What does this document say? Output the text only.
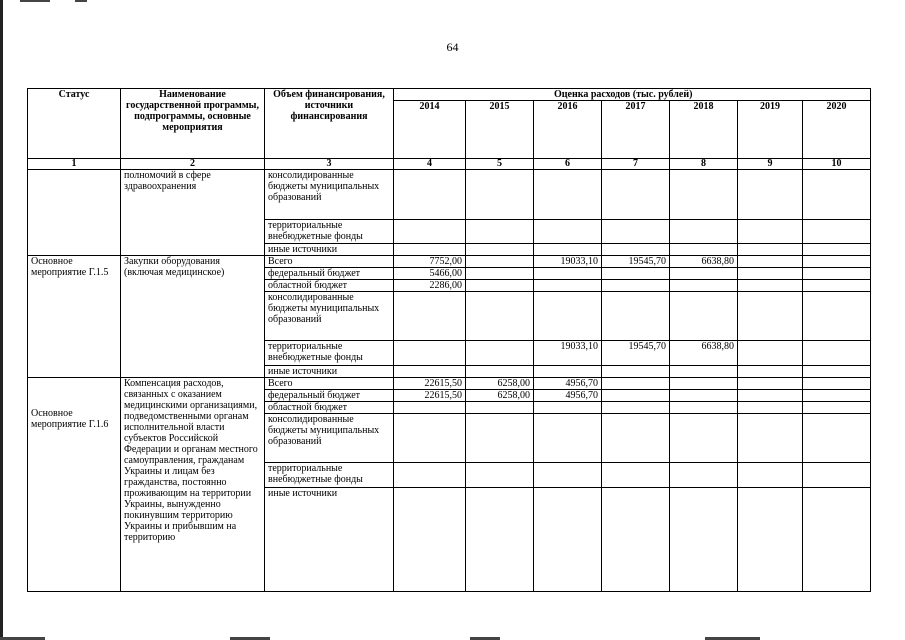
64
Статус	Наименование государственной программы, подпрограммы, основные мероприятия	Объем финансирования, источники финансирования	Оценка расходов (тыс. рублей)						
			2014	2015	2016	2017	2018	2019	2020
1	2	3	4	5	6	7	8	9	10
	полномочий в сфере здравоохранения	консолидированные бюджеты муниципальных образований							
		территориальные внебюджетные фонды							
		иные источники							
Основное мероприятие Г.1.5	Закупки оборудования (включая медицинское)	Всего	7752,00		19033,10	19545,70	6638,80		
		федеральный бюджет	5466,00						
		областной бюджет	2286,00						
		консолидированные бюджеты муниципальных образований							
		территориальные внебюджетные фонды			19033,10	19545,70	6638,80		
		иные источники							
Основное мероприятие Г.1.6	Компенсация расходов, связанных с оказанием медицинскими организациями, подведомственными органам исполнительной власти субъектов Российской Федерации и органам местного самоуправления, гражданам Украины и лицам без гражданства, постоянно проживающим на территории Украины, вынужденно покинувшим территорию Украины и прибывшим на территорию	Всего	22615,50	6258,00	4956,70				
		федеральный бюджет	22615,50	6258,00	4956,70				
		областной бюджет							
		консолидированные бюджеты муниципальных образований							
		территориальные внебюджетные фонды							
		иные источники							
